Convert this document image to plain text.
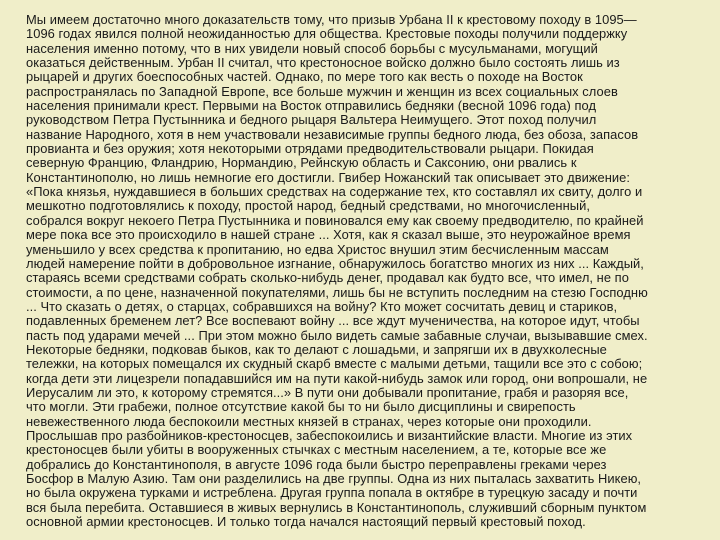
Мы имеем достаточно много доказательств тому, что призыв Урбана II к крестовому походу в 1095—
1096 годах явился полной неожиданностью для общества. Крестовые походы получили поддержку
населения именно потому, что в них увидели новый способ борьбы с мусульманами, могущий
оказаться действенным. Урбан II считал, что крестоносное войско должно было состоять лишь из
рыцарей и других боеспособных частей. Однако, по мере того как весть о походе на Восток
распространялась по Западной Европе, все больше мужчин и женщин из всех социальных слоев
населения принимали крест. Первыми на Восток отправились бедняки (весной 1096 года) под
руководством Петра Пустынника и бедного рыцаря Вальтера Неимущего. Этот поход получил
название Народного, хотя в нем участвовали независимые группы бедного люда, без обоза, запасов
провианта и без оружия; хотя некоторыми отрядами предводительствовали рыцари. Покидая
северную Францию, Фландрию, Нормандию, Рейнскую область и Саксонию, они рвались к
Константинополю, но лишь немногие его достигли. Гвибер Ножанский так описывает это движение:
«Пока князья, нуждавшиеся в больших средствах на содержание тех, кто составлял их свиту, долго и
мешкотно подготовлялись к походу, простой народ, бедный средствами, но многочисленный,
собрался вокруг некоего Петра Пустынника и повиновался ему как своему предводителю, по крайней
мере пока все это происходило в нашей стране ... Хотя, как я сказал выше, это неурожайное время
уменьшило у всех средства к пропитанию, но едва Христос внушил этим бесчисленным массам
людей намерение пойти в добровольное изгнание, обнаружилось богатство многих из них ... Каждый,
стараясь всеми средствами собрать сколько-нибудь денег, продавал как будто все, что имел, не по
стоимости, а по цене, назначенной покупателями, лишь бы не вступить последним на стезю Господню
... Что сказать о детях, о старцах, собравшихся на войну? Кто может сосчитать девиц и стариков,
подавленных бременем лет? Все воспевают войну ... все ждут мученичества, на которое идут, чтобы
пасть под ударами мечей ... При этом можно было видеть самые забавные случаи, вызывавшие смех.
Некоторые бедняки, подковав быков, как то делают с лошадьми, и запрягши их в двухколесные
тележки, на которых помещался их скудный скарб вместе с малыми детьми, тащили все это с собою;
когда дети эти лицезрели попадавшийся им на пути какой-нибудь замок или город, они вопрошали, не
Иерусалим ли это, к которому стремятся...» В пути они добывали пропитание, грабя и разоряя все,
что могли. Эти грабежи, полное отсутствие какой бы то ни было дисциплины и свирепость
невежественного люда беспокоили местных князей в странах, через которые они проходили.
Прослышав про разбойников-крестоносцев, забеспокоились и византийские власти. Многие из этих
крестоносцев были убиты в вооруженных стычках с местным населением, а те, которые все же
добрались до Константинополя, в августе 1096 года были быстро переправлены греками через
Босфор в Малую Азию. Там они разделились на две группы. Одна из них пыталась захватить Никею,
но была окружена турками и истреблена. Другая группа попала в октябре в турецкую засаду и почти
вся была перебита. Оставшиеся в живых вернулись в Константинополь, служивший сборным пунктом
основной армии крестоносцев. И только тогда начался настоящий первый крестовый поход.
